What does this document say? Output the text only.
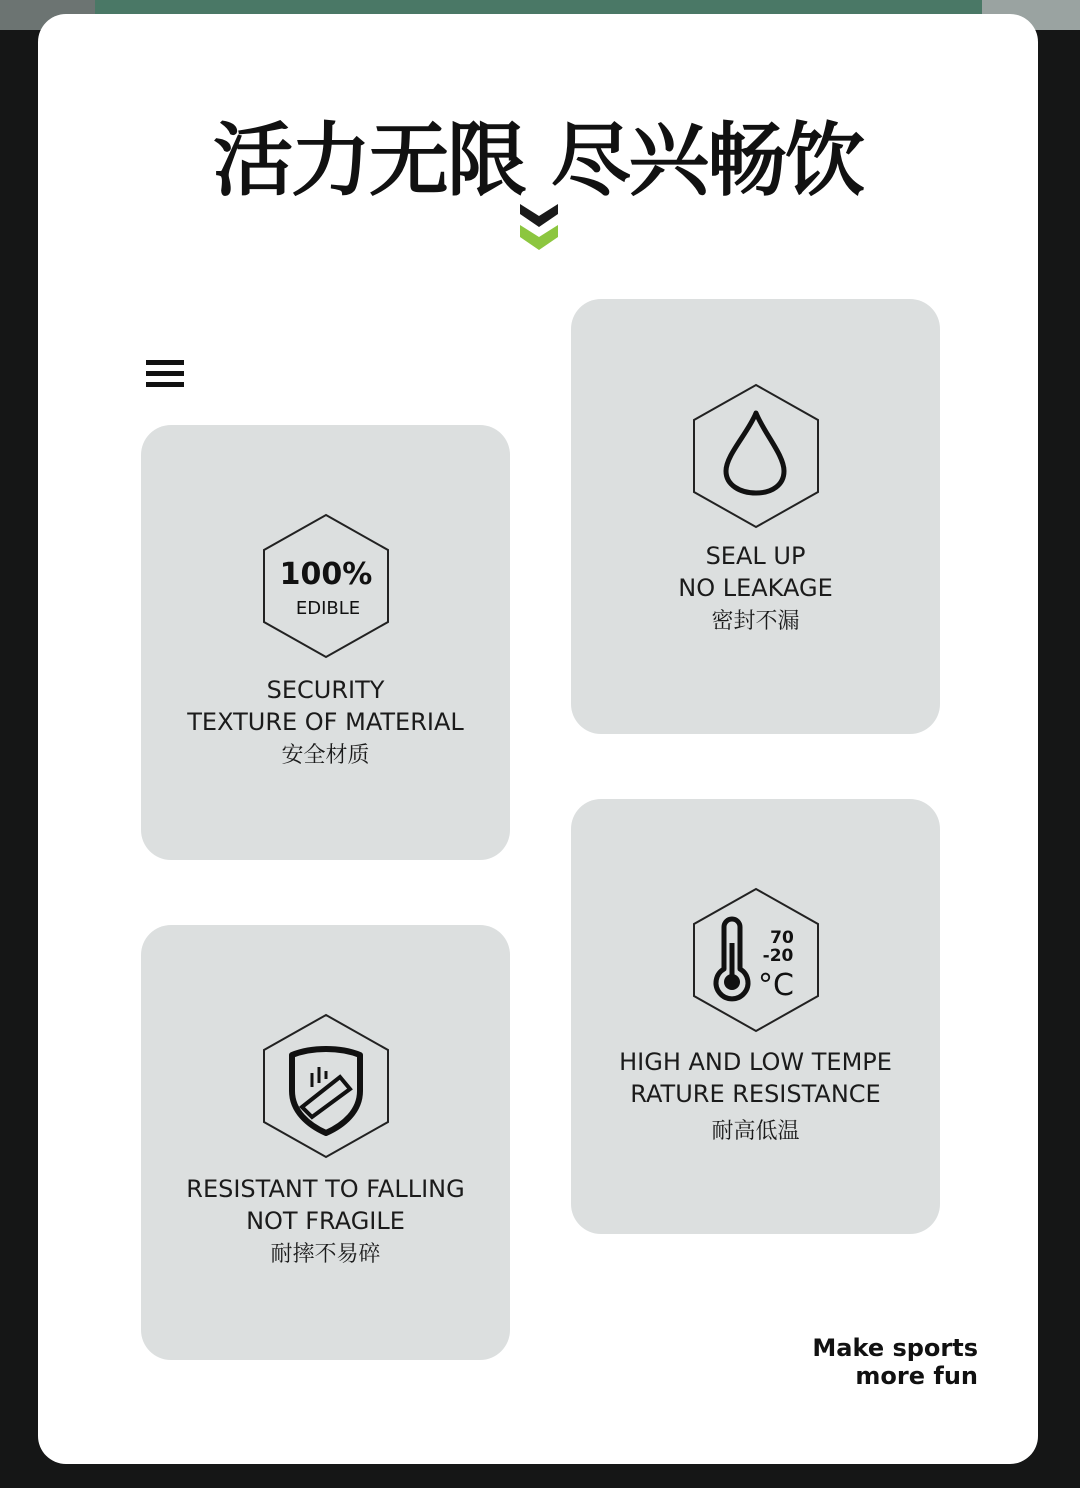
活力无限 尽兴畅饮
100%
EDIBLE
SECURITY
TEXTURE OF MATERIAL
安全材质
SEAL UP
NO LEAKAGE
密封不漏
RESISTANT TO FALLING
NOT FRAGILE
耐摔不易碎
70
-20
°C
HIGH AND LOW TEMPE
RATURE RESISTANCE
耐高低温
Make sports
more fun
